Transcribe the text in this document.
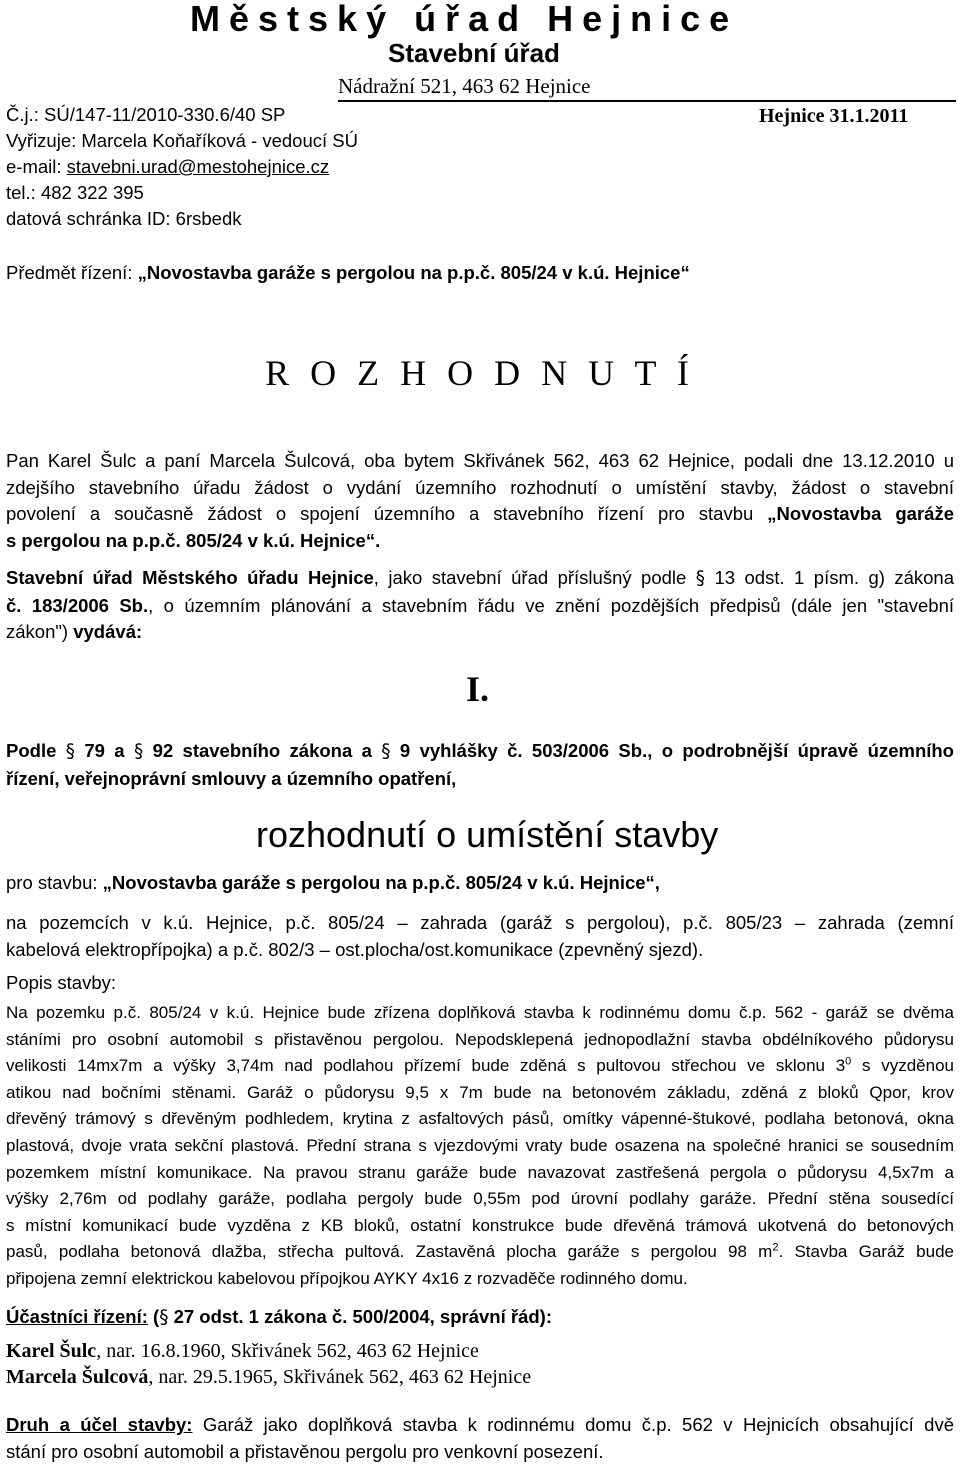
Městský úřad Hejnice
Stavební úřad
Nádražní 521, 463 62 Hejnice
Č.j.: SÚ/147-11/2010-330.6/40 SP	Hejnice 31.1.2011
Vyřizuje: Marcela Koňaříková - vedoucí SÚ
e-mail: stavebni.urad@mestohejnice.cz
tel.: 482 322 395
datová schránka ID: 6rsbedk
Předmět řízení: „Novostavba garáže s pergolou na p.p.č. 805/24 v k.ú. Hejnice“
R O Z H O D N U T Í

Pan Karel Šulc a paní Marcela Šulcová, oba bytem Skřivánek 562, 463 62 Hejnice, podali dne 13.12.2010 u

zdejšího stavebního úřadu žádost o vydání územního rozhodnutí o umístění stavby, žádost o stavební

povolení a současně žádost o spojení územního a stavebního řízení pro stavbu „Novostavba garáže

s pergolou na p.p.č. 805/24 v k.ú. Hejnice“.

Stavební úřad Městského úřadu Hejnice, jako stavební úřad příslušný podle § 13 odst. 1 písm. g) zákona

č. 183/2006 Sb., o územním plánování a stavebním řádu ve znění pozdějších předpisů (dále jen "stavební

zákon") vydává:

I.

Podle § 79 a § 92 stavebního zákona a § 9 vyhlášky č. 503/2006 Sb., o podrobnější úpravě územního

řízení, veřejnoprávní smlouvy a územního opatření,

rozhodnutí o umístění stavby
pro stavbu: „Novostavba garáže s pergolou na p.p.č. 805/24 v k.ú. Hejnice“,

na pozemcích v k.ú. Hejnice, p.č. 805/24 – zahrada (garáž s pergolou), p.č. 805/23 – zahrada (zemní

kabelová elektropřípojka) a p.č. 802/3 – ost.plocha/ost.komunikace (zpevněný sjezd).

Popis stavby:

Na pozemku p.č. 805/24 v k.ú. Hejnice bude zřízena doplňková stavba k rodinnému domu č.p. 562 - garáž se dvěma

stáními pro osobní automobil s přistavěnou pergolou. Nepodsklepená jednopodlažní stavba obdélníkového půdorysu

velikosti 14mx7m a výšky 3,74m nad podlahou přízemí bude zděná s pultovou střechou ve sklonu $3^0$ s vyzděnou

atikou nad bočními stěnami. Garáž o půdorysu 9,5 x 7m bude na betonovém základu, zděná z bloků Qpor, krov

dřevěný trámový s dřevěným podhledem, krytina z asfaltových pásů, omítky vápenné-štukové, podlaha betonová, okna

plastová, dvoje vrata sekční plastová. Přední strana s vjezdovými vraty bude osazena na společné hranici se sousedním

pozemkem místní komunikace. Na pravou stranu garáže bude navazovat zastřešená pergola o půdorysu 4,5x7m a

výšky 2,76m od podlahy garáže, podlaha pergoly bude 0,55m pod úrovní podlahy garáže. Přední stěna sousedící

s místní komunikací bude vyzděna z KB bloků, ostatní konstrukce bude dřevěná trámová ukotvená do betonových

pasů, podlaha betonová dlažba, střecha pultová. Zastavěná plocha garáže s pergolou 98 $m^2$. Stavba Garáž bude

připojena zemní elektrickou kabelovou přípojkou AYKY 4x16 z rozvaděče rodinného domu.

Účastníci řízení: (§ 27 odst. 1 zákona č. 500/2004, správní řád):
Karel Šulc, nar. 16.8.1960, Skřivánek 562, 463 62 Hejnice
Marcela Šulcová, nar. 29.5.1965, Skřivánek 562, 463 62 Hejnice

Druh a účel stavby: Garáž jako doplňková stavba k rodinnému domu č.p. 562 v Hejnicích obsahující dvě

stání pro osobní automobil a přistavěnou pergolu pro venkovní posezení.
